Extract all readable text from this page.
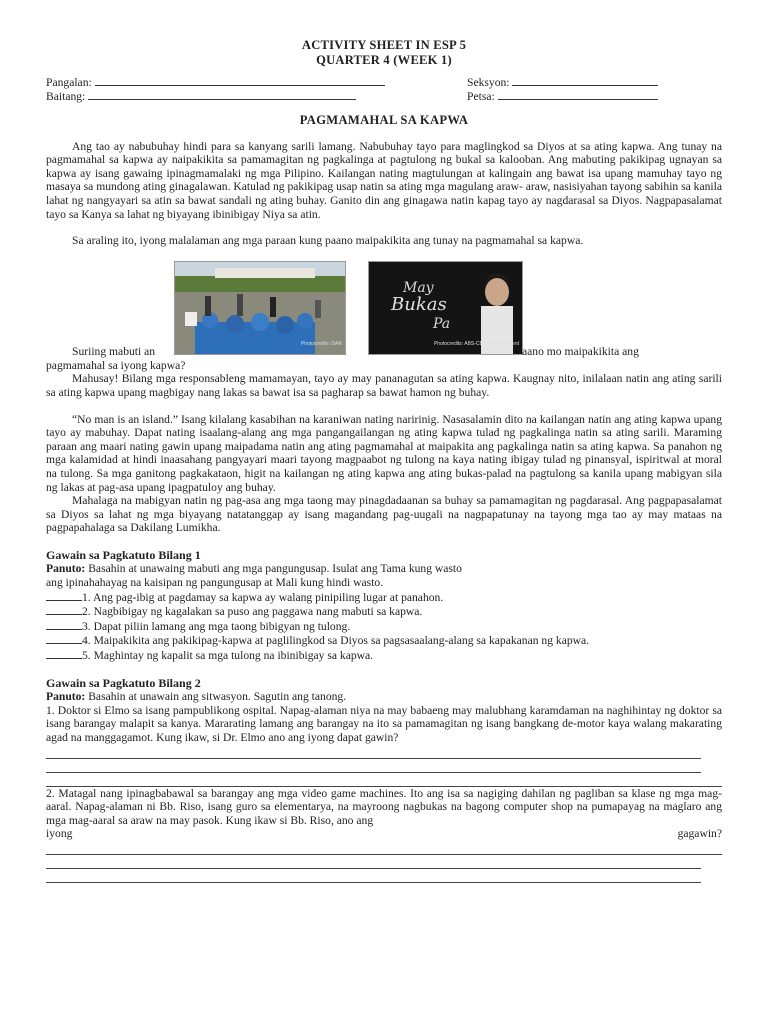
ACTIVITY SHEET IN ESP 5
QUARTER 4 (WEEK 1)
Pangalan:	Seksyon:
Baitang:	Petsa:
PAGMAMAHAL SA KAPWA

Ang tao ay nabubuhay hindi para sa kanyang sarili lamang. Nabubuhay tayo para maglingkod sa Diyos at sa ating kapwa. Ang tunay na pagmamahal sa kapwa ay naipakikita sa pamamagitan ng pagkalinga at pagtulong ng bukal sa kalooban. Ang mabuting pakikipag ugnayan sa kapwa ay isang gawaing ipinagmamalaki ng mga Pilipino. Kailangan nating magtulungan at kalingain ang bawat isa upang mamuhay tayo ng masaya sa mundong ating ginagalawan. Katulad ng pakikipag usap natin sa ating mga magulang araw- araw, nasisiyahan tayong sabihin sa kanila lahat ng nangyayari sa atin sa bawat sandali ng ating buhay. Ganito din ang ginagawa natin kapag tayo ay nagdarasal sa Diyos. Nagpapasalamat tayo sa Kanya sa lahat ng biyayang ibinibigay Niya sa atin.

Sa araling ito, iyong malalaman ang mga paraan kung paano maipakikita ang tunay na pagmamahal sa kapwa.

Photocredits: DAR
May
Bukas
Pa
Photocredits: ABS-CBN Entertainment
Suriing mabuti an	aano mo maipakikita ang

pagmamahal sa iyong kapwa?

Mahusay! Bilang mga responsableng mamamayan, tayo ay may pananagutan sa ating kapwa. Kaugnay nito, inilalaan natin ang ating sarili sa ating kapwa upang magbigay nang lakas sa bawat isa sa pagharap sa bawat hamon ng buhay.

“No man is an island.” Isang kilalang kasabihan na karaniwan nating naririnig. Nasasalamin dito na kailangan natin ang ating kapwa upang tayo ay mabuhay. Dapat nating isaalang-alang ang mga pangangailangan ng ating kapwa tulad ng pagkalinga natin sa ating sarili. Maraming paraan ang maari nating gawin upang maipadama natin ang ating pagmamahal at maipakita ang pagkalinga natin sa ating kapwa. Sa panahon ng mga kalamidad at hindi inaasahang pangyayari maari tayong magpaabot ng tulong na kaya nating ibigay tulad ng pinansyal, ispiritwal at moral na tulong. Sa mga ganitong pagkakataon, higit na kailangan ng ating kapwa ang ating bukas-palad na pagtulong sa kanila upang mabigyan sila ng lakas at pag-asa upang ipagpatuloy ang buhay.

Mahalaga na mabigyan natin ng pag-asa ang mga taong may pinagdadaanan sa buhay sa pamamagitan ng pagdarasal. Ang pagpapasalamat sa Diyos sa lahat ng mga biyayang natatanggap ay isang magandang pag-uugali na nagpapatunay na tayong mga tao ay may mataas na pagpapahalaga sa Dakilang Lumikha.

Gawain sa Pagkatuto Bilang 1
Panuto: Basahin at unawaing mabuti ang mga pangungusap. Isulat ang Tama kung wasto
ang ipinahahayag na kaisipan ng pangungusap at Mali kung hindi wasto.
1. Ang pag-ibig at pagdamay sa kapwa ay walang pinipiling lugar at panahon.
2. Nagbibigay ng kagalakan sa puso ang paggawa nang mabuti sa kapwa.
3. Dapat piliin lamang ang mga taong bibigyan ng tulong.
4. Maipakikita ang pakikipag-kapwa at paglilingkod sa Diyos sa pagsasaalang-alang sa kapakanan ng kapwa.
5. Maghintay ng kapalit sa mga tulong na ibinibigay sa kapwa.
Gawain sa Pagkatuto Bilang 2
Panuto: Basahin at unawain ang sitwasyon. Sagutin ang tanong.

1. Doktor si Elmo sa isang pampublikong ospital. Napag-alaman niya na may babaeng may malubhang karamdaman na naghihintay ng doktor sa isang barangay malapit sa kanya. Mararating lamang ang barangay na ito sa pamamagitan ng isang bangkang de-motor kaya walang makarating agad na manggagamot. Kung ikaw, si Dr. Elmo ano ang iyong dapat gawin?

2. Matagal nang ipinagbabawal sa barangay ang mga video game machines. Ito ang isa sa nagiging dahilan ng pagliban sa klase ng mga mag-aaral. Napag-alaman ni Bb. Riso, isang guro sa elementarya, na mayroong nagbukas na bagong computer shop na pumapayag na maglaro ang mga mag-aaral sa araw na may pasok. Kung ikaw si Bb. Riso, ano ang

iyong	gagawin?
